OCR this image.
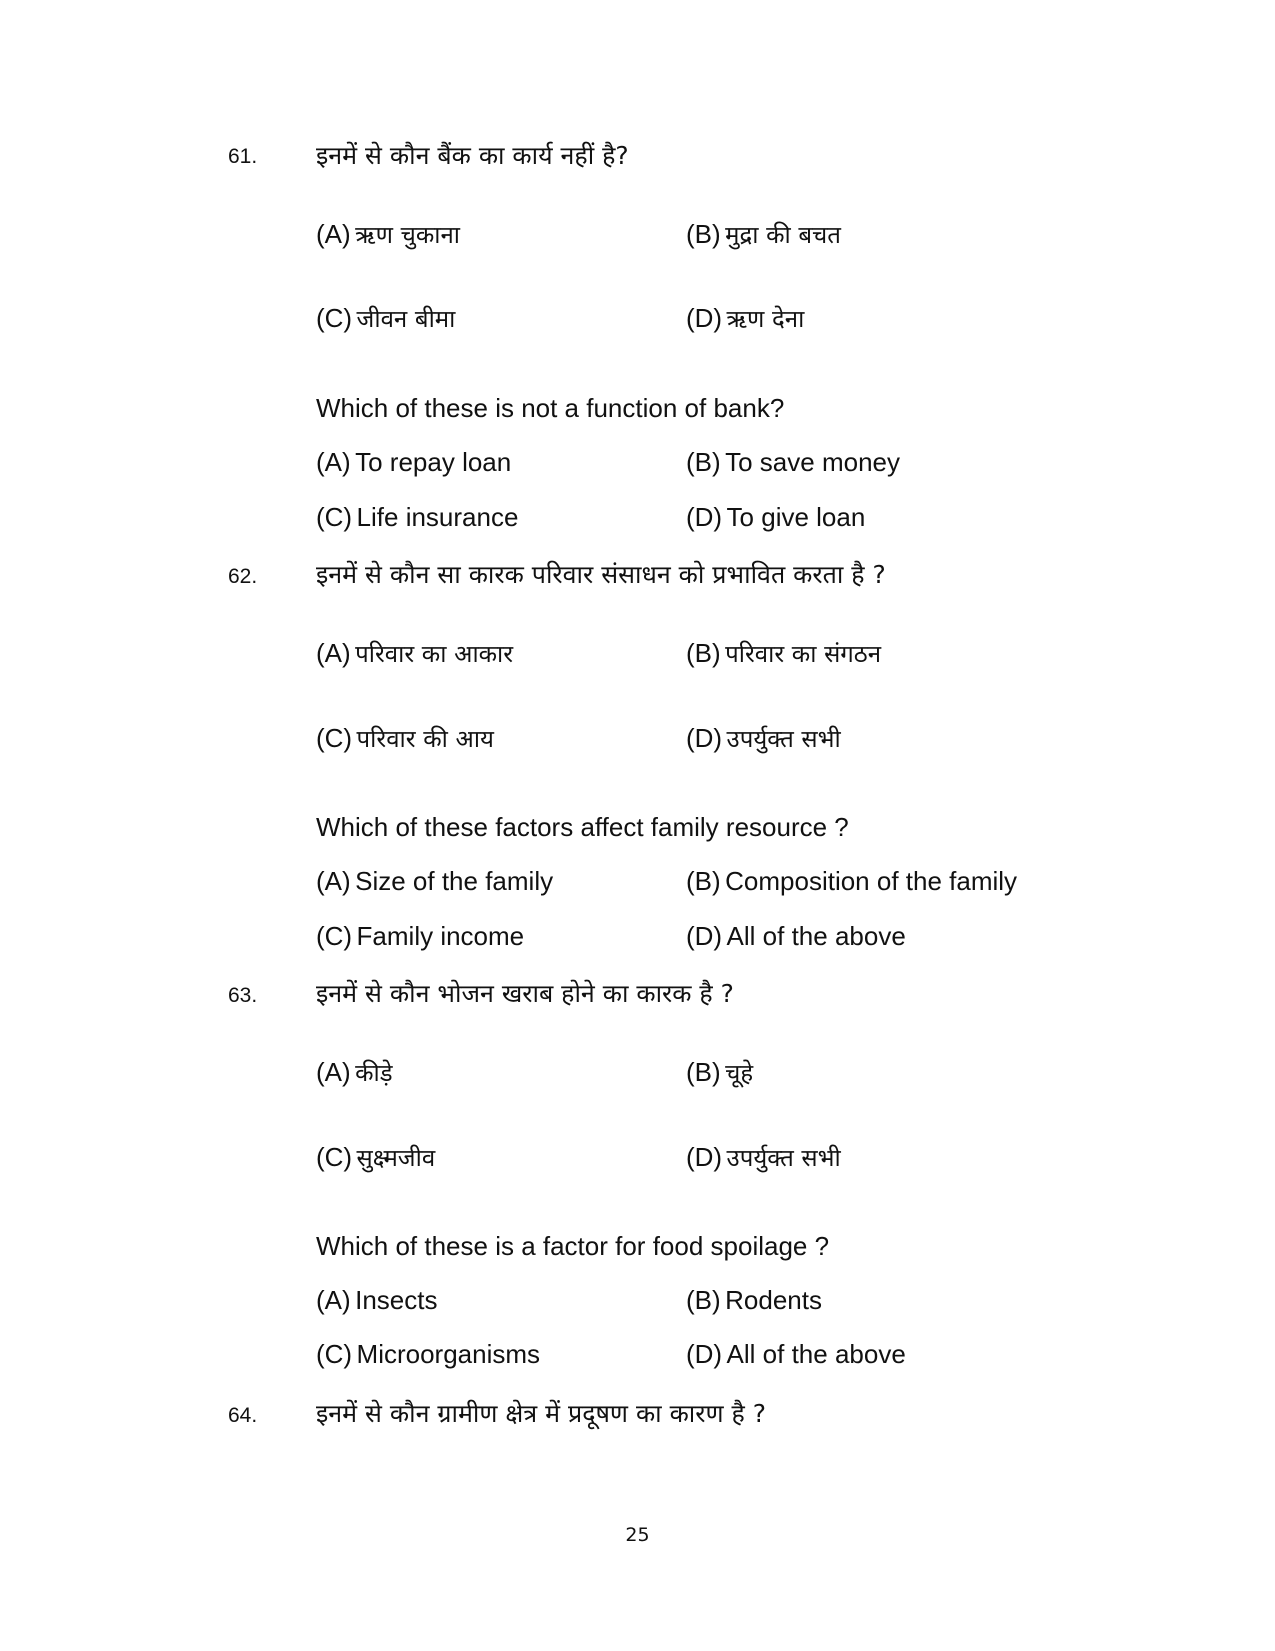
61. इनमें से कौन बैंक का कार्य नहीं है?
(A) ऋण चुकाना	(B) मुद्रा की बचत
(C) जीवन बीमा	(D) ऋण देना
Which of these is not a function of bank?
(A) To repay loan	(B) To save money
(C) Life insurance	(D) To give loan
62. इनमें से कौन सा कारक परिवार संसाधन को प्रभावित करता है ?
(A) परिवार का आकार	(B) परिवार का संगठन
(C) परिवार की आय	(D) उपर्युक्त सभी
Which of these factors affect family resource ?
(A) Size of the family	(B) Composition of the family
(C) Family income	(D) All of the above
63. इनमें से कौन भोजन खराब होने का कारक है ?
(A) कीड़े	(B) चूहे
(C) सुक्ष्मजीव	(D) उपर्युक्त सभी
Which of these is a factor for food spoilage ?
(A) Insects	(B) Rodents
(C) Microorganisms	(D) All of the above
64. इनमें से कौन ग्रामीण क्षेत्र में प्रदूषण का कारण है ?
25
